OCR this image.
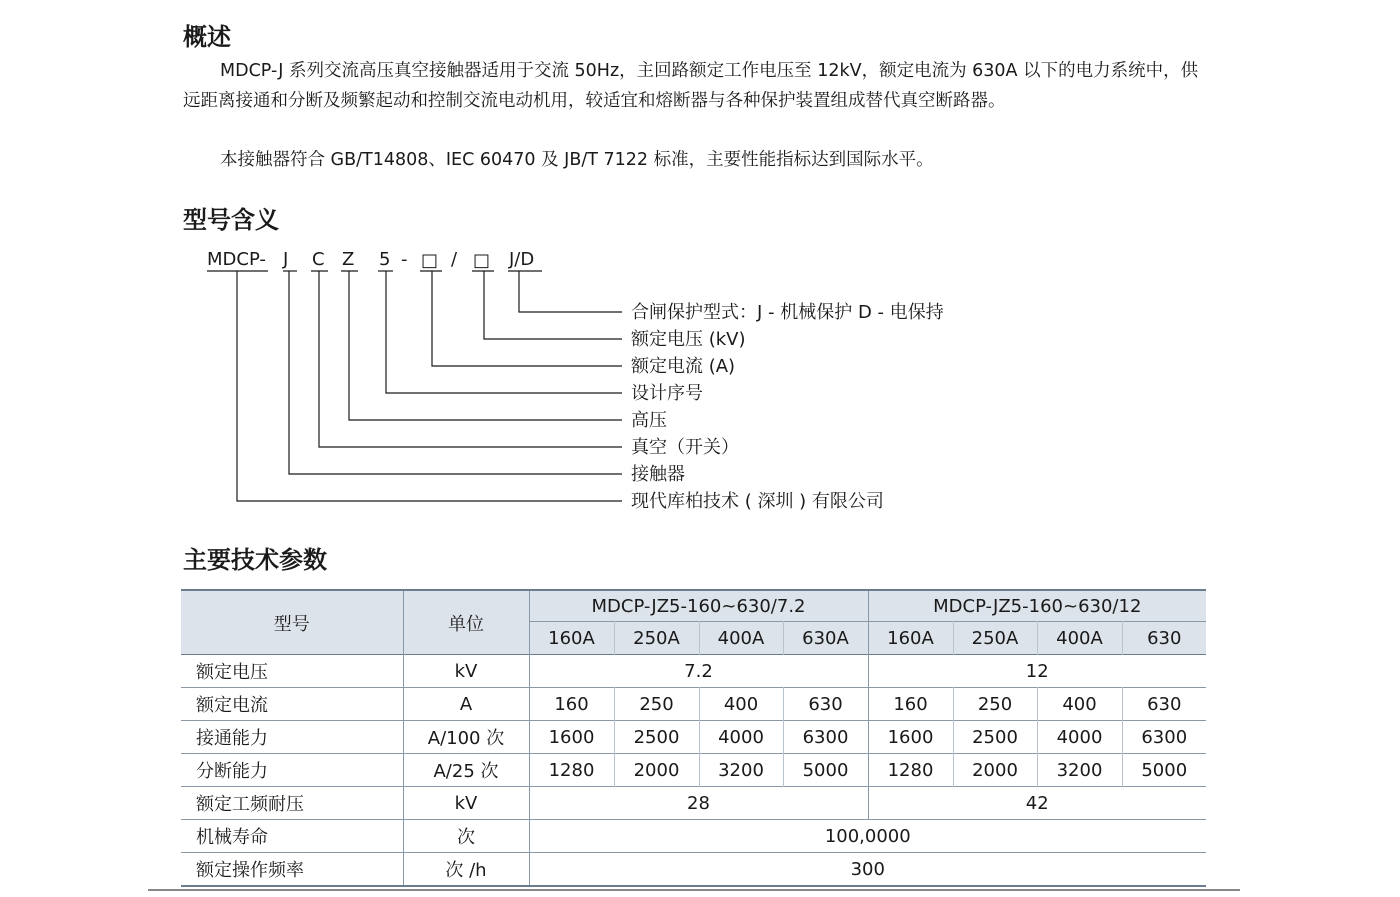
概述

MDCP-J 系列交流高压真空接触器适用于交流 50Hz，主回路额定工作电压至 12kV，额定电流为 630A 以下的电力系统中，供远距离接通和分断及频繁起动和控制交流电动机用，较适宜和熔断器与各种保护装置组成替代真空断路器。

本接触器符合 GB/T14808、IEC 60470 及 JB/T 7122 标准，主要性能指标达到国际水平。

型号含义
MDCP- J C Z 5 - □ / □ J/D
合闸保护型式：J - 机械保护 D - 电保持
额定电压 (kV)
额定电流 (A)
设计序号
高压
真空（开关）
接触器
现代库柏技术 ( 深圳 ) 有限公司
主要技术参数
型号	单位	MDCP-JZ5-160~630/7.2				MDCP-JZ5-160~630/12			
		160A	250A	400A	630A	160A	250A	400A	630
额定电压	kV	7.2				12			
额定电流	A	160	250	400	630	160	250	400	630
接通能力	A/100 次	1600	2500	4000	6300	1600	2500	4000	6300
分断能力	A/25 次	1280	2000	3200	5000	1280	2000	3200	5000
额定工频耐压	kV	28				42			
机械寿命	次	100,0000							
额定操作频率	次 /h	300							
